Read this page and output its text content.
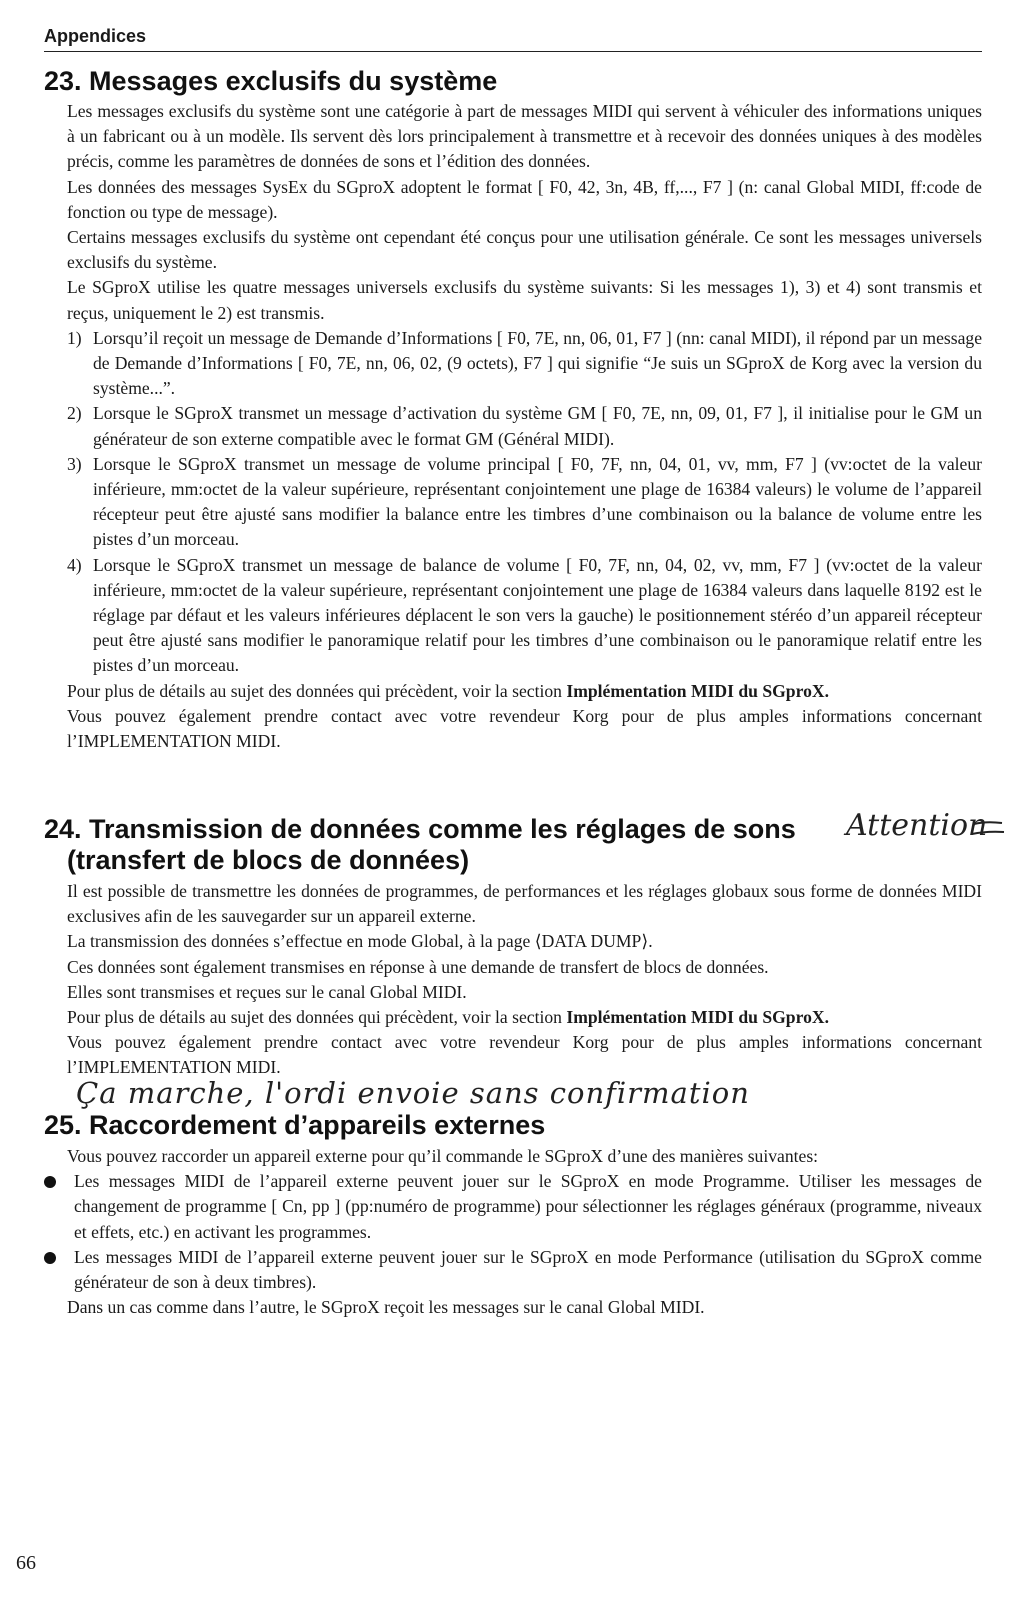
Appendices
23. Messages exclusifs du système

Les messages exclusifs du système sont une catégorie à part de messages MIDI qui servent à véhiculer des informations uniques à un fabricant ou à un modèle. Ils servent dès lors principalement à transmettre et à recevoir des données uniques à des modèles précis, comme les paramètres de données de sons et l’édition des données.

Les données des messages SysEx du SGproX adoptent le format [ F0, 42, 3n, 4B, ff,..., F7 ] (n: canal Global MIDI, ff:code de fonction ou type de message).

Certains messages exclusifs du système ont cependant été conçus pour une utilisation générale. Ce sont les messages universels exclusifs du système.

Le SGproX utilise les quatre messages universels exclusifs du système suivants: Si les messages 1), 3) et 4) sont transmis et reçus, uniquement le 2) est transmis.

1) Lorsqu’il reçoit un message de Demande d’Informations [ F0, 7E, nn, 06, 01, F7 ] (nn: canal MIDI), il répond par un message de Demande d’Informations [ F0, 7E, nn, 06, 02, (9 octets), F7 ] qui signifie “Je suis un SGproX de Korg avec la version du système...”.
2) Lorsque le SGproX transmet un message d’activation du système GM [ F0, 7E, nn, 09, 01, F7 ], il initialise pour le GM un générateur de son externe compatible avec le format GM (Général MIDI).
3) Lorsque le SGproX transmet un message de volume principal [ F0, 7F, nn, 04, 01, vv, mm, F7 ] (vv:octet de la valeur inférieure, mm:octet de la valeur supérieure, représentant conjointement une plage de 16384 valeurs) le volume de l’appareil récepteur peut être ajusté sans modifier la balance entre les timbres d’une combinaison ou la balance de volume entre les pistes d’un morceau.
4) Lorsque le SGproX transmet un message de balance de volume [ F0, 7F, nn, 04, 02, vv, mm, F7 ] (vv:octet de la valeur inférieure, mm:octet de la valeur supérieure, représentant conjointement une plage de 16384 valeurs dans laquelle 8192 est le réglage par défaut et les valeurs inférieures déplacent le son vers la gauche) le positionnement stéréo d’un appareil récepteur peut être ajusté sans modifier le panoramique relatif pour les timbres d’une combinaison ou le panoramique relatif entre les pistes d’un morceau.

Pour plus de détails au sujet des données qui précèdent, voir la section Implémentation MIDI du SGproX.

Vous pouvez également prendre contact avec votre revendeur Korg pour de plus amples informations concernant l’IMPLEMENTATION MIDI.

24. Transmission de données comme les réglages de sons
(transfert de blocs de données)

Il est possible de transmettre les données de programmes, de performances et les réglages globaux sous forme de données MIDI exclusives afin de les sauvegarder sur un appareil externe.

La transmission des données s’effectue en mode Global, à la page ⟨DATA DUMP⟩.

Ces données sont également transmises en réponse à une demande de transfert de blocs de données.

Elles sont transmises et reçues sur le canal Global MIDI.

Pour plus de détails au sujet des données qui précèdent, voir la section Implémentation MIDI du SGproX.

Vous pouvez également prendre contact avec votre revendeur Korg pour de plus amples informations concernant l’IMPLEMENTATION MIDI.

Attention
Ça marche, l'ordi envoie sans confirmation
25. Raccordement d’appareils externes

Vous pouvez raccorder un appareil externe pour qu’il commande le SGproX d’une des manières suivantes:

Les messages MIDI de l’appareil externe peuvent jouer sur le SGproX en mode Programme. Utiliser les messages de changement de programme [ Cn, pp ] (pp:numéro de programme) pour sélectionner les réglages généraux (programme, niveaux et effets, etc.) en activant les programmes.
Les messages MIDI de l’appareil externe peuvent jouer sur le SGproX en mode Performance (utilisation du SGproX comme générateur de son à deux timbres).

Dans un cas comme dans l’autre, le SGproX reçoit les messages sur le canal Global MIDI.

66
